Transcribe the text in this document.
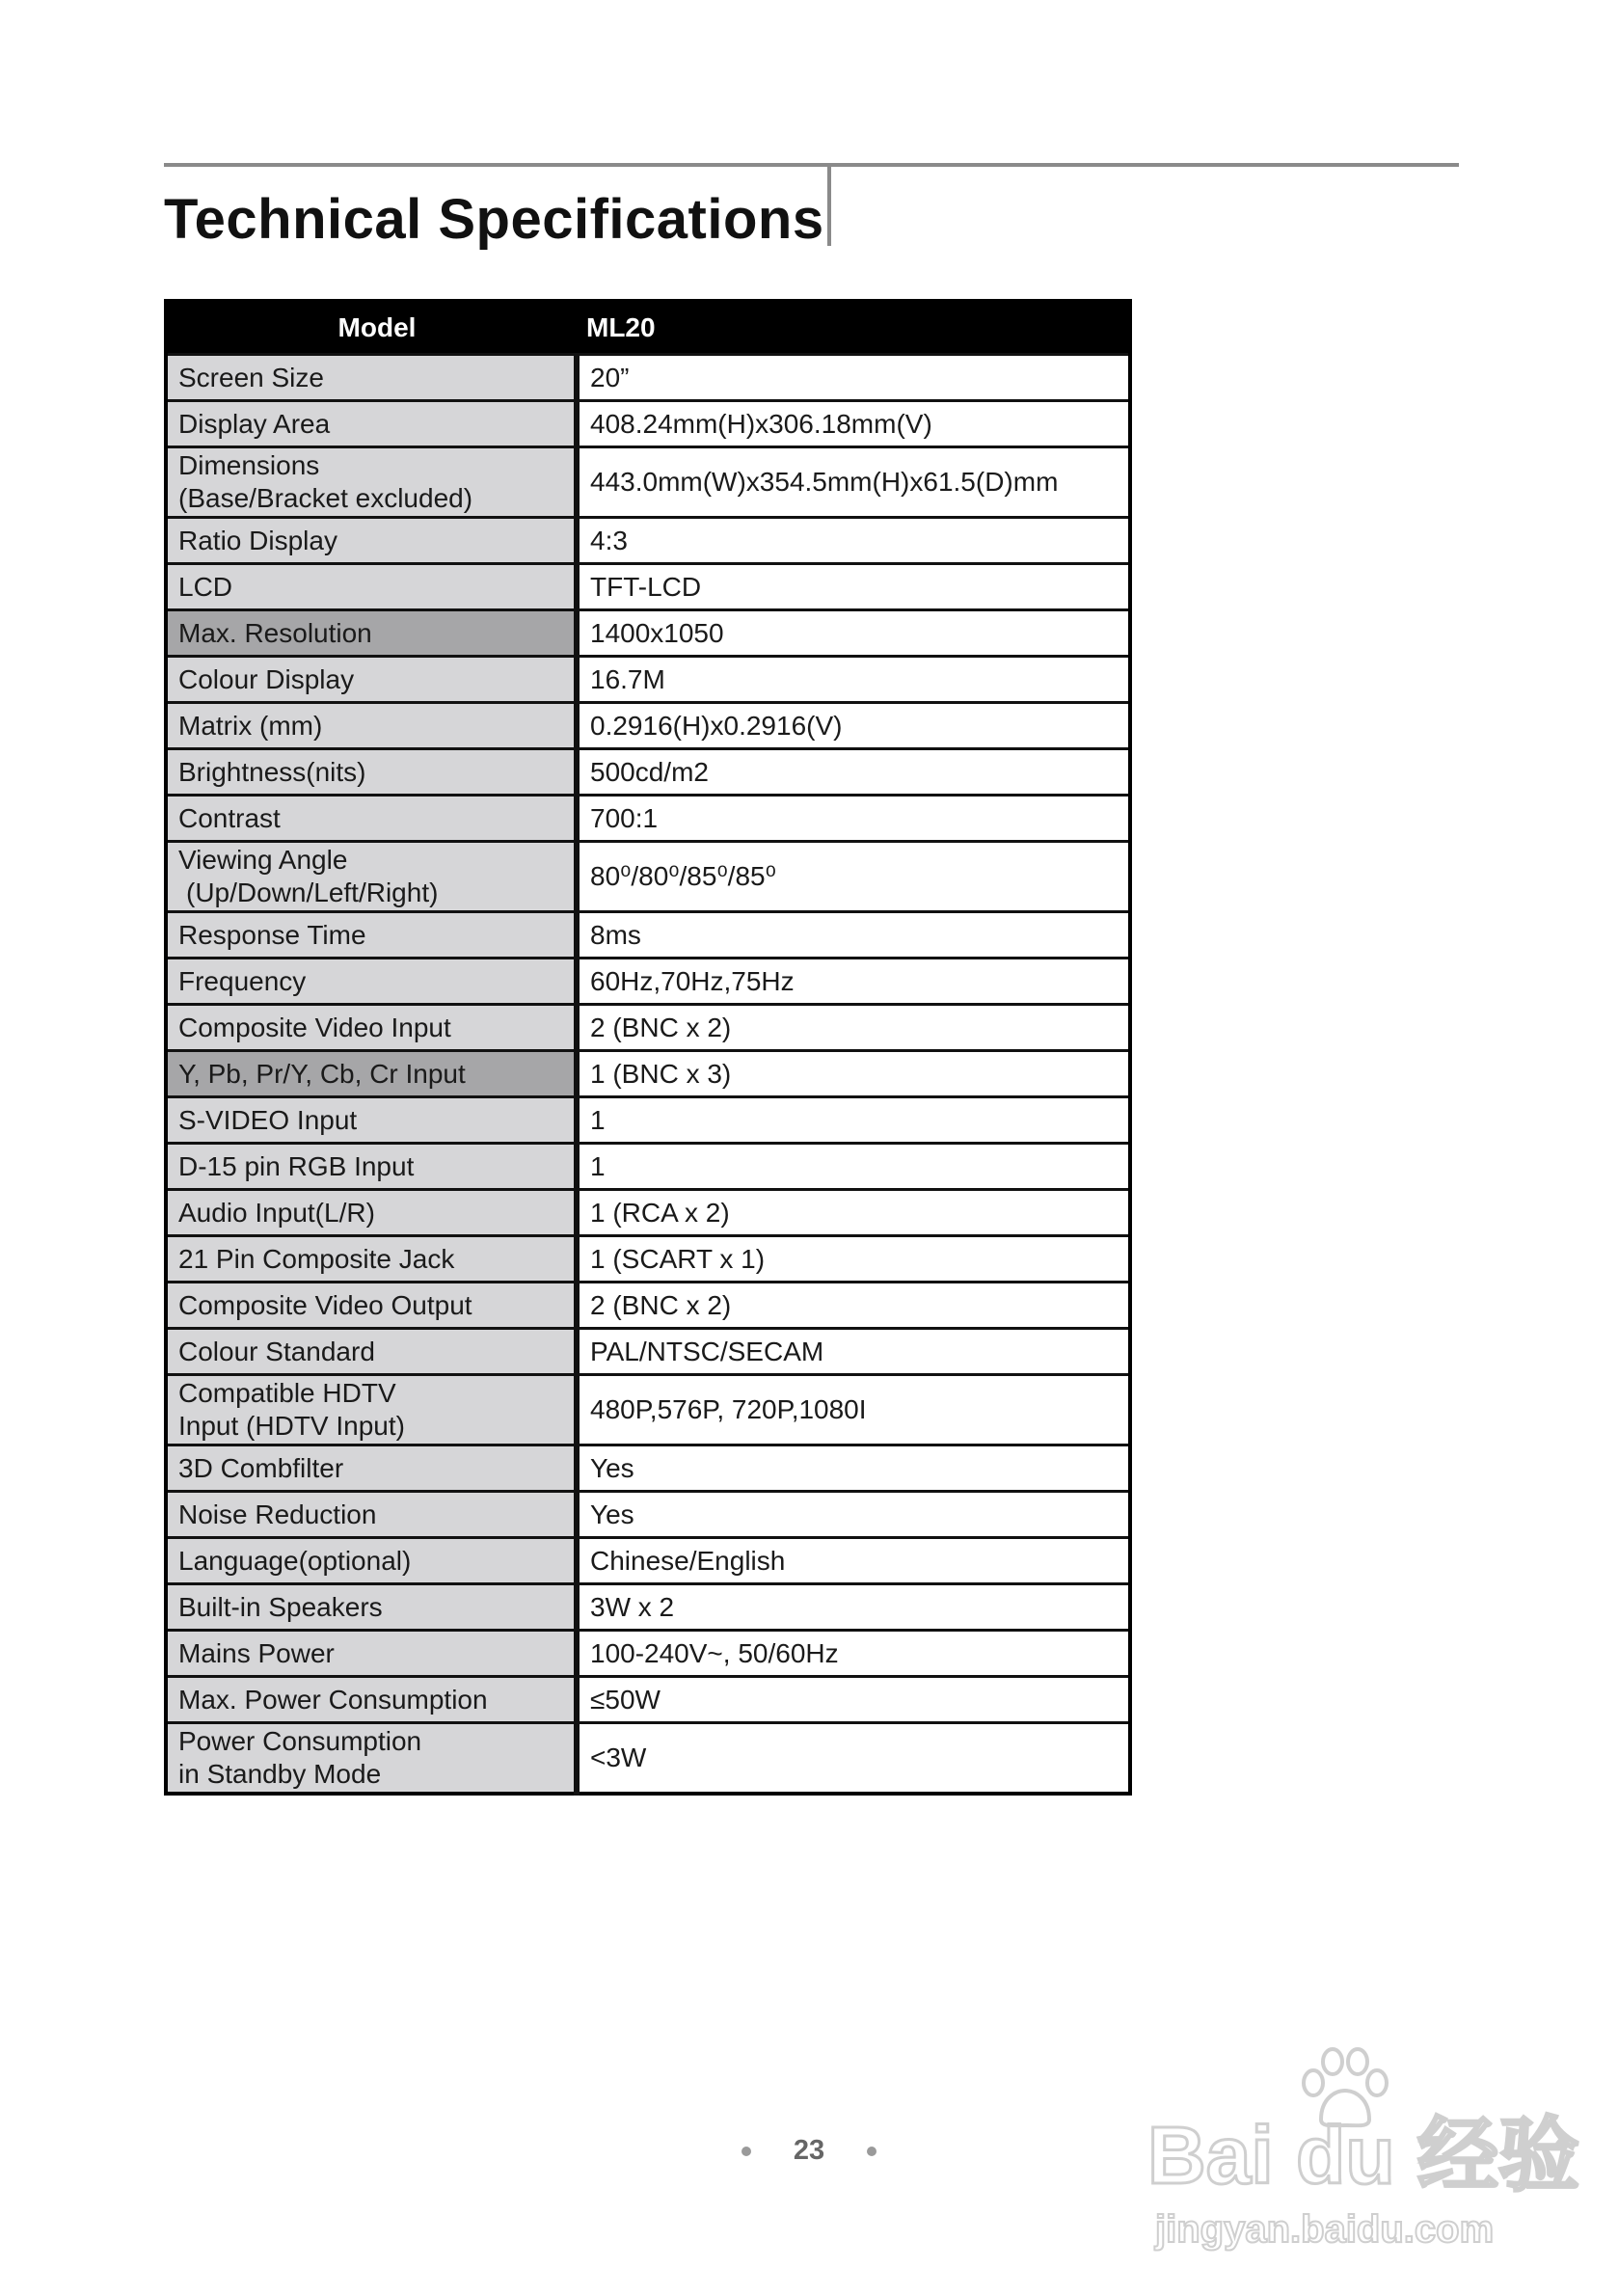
Technical Specifications
Model	ML20

Screen Size	20”

Display Area	408.24mm(H)x306.18mm(V)

Dimensions
(Base/Bracket excluded)	443.0mm(W)x354.5mm(H)x61.5(D)mm

Ratio Display	4:3

LCD	TFT-LCD

Max. Resolution	1400x1050

Colour Display	16.7M

Matrix (mm)	0.2916(H)x0.2916(V)

Brightness(nits)	500cd/m2

Contrast	700:1

Viewing Angle
(Up/Down/Left/Right)	80⁰/80⁰/85⁰/85⁰

Response Time	8ms

Frequency	60Hz,70Hz,75Hz

Composite Video Input	2 (BNC x 2)

Y, Pb, Pr/Y, Cb, Cr Input	1 (BNC x 3)

S-VIDEO Input	1

D-15 pin RGB Input	1

Audio Input(L/R)	1 (RCA x 2)

21 Pin Composite Jack	1 (SCART x 1)

Composite Video Output	2 (BNC x 2)

Colour Standard	PAL/NTSC/SECAM

Compatible HDTV
Input (HDTV Input)	480P,576P, 720P,1080I

3D Combfilter	Yes

Noise Reduction	Yes

Language(optional)	Chinese/English

Built-in Speakers	3W x 2

Mains Power	100-240V~, 50/60Hz

Max. Power Consumption	≤50W

Power Consumption
in Standby Mode	<3W
23	Bai du 经验
jingyan.baidu.com
